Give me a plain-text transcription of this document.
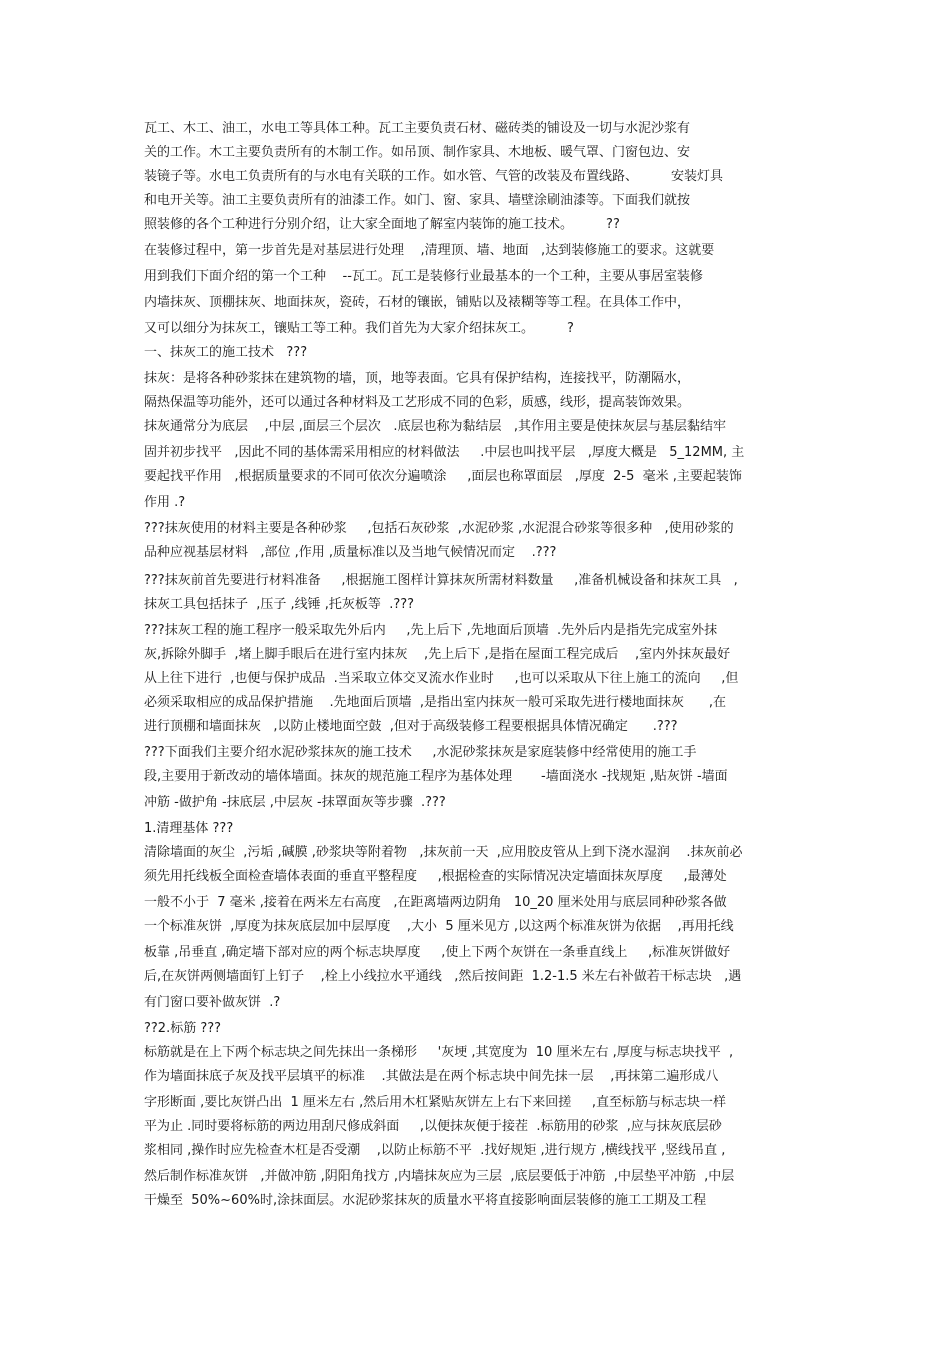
瓦工、木工、油工，水电工等具体工种。瓦工主要负责石材、磁砖类的铺设及一切与水泥沙浆有
关的工作。木工主要负责所有的木制工作。如吊顶、制作家具、木地板、暖气罩、门窗包边、安
装镜子等。水电工负责所有的与水电有关联的工作。如水管、气管的改装及布置线路、        安装灯具
和电开关等。油工主要负责所有的油漆工作。如门、窗、家具、墙壁涂刷油漆等。下面我们就按
照装修的各个工种进行分别介绍，让大家全面地了解室内装饰的施工技术。        ??
在装修过程中，第一步首先是对基层进行处理    ,清理顶、墙、地面   ,达到装修施工的要求。这就要
用到我们下面介绍的第一个工种    --瓦工。瓦工是装修行业最基本的一个工种，主要从事居室装修
内墙抹灰、顶棚抹灰、地面抹灰，瓷砖，石材的镶嵌，铺贴以及裱糊等等工程。在具体工作中，
又可以细分为抹灰工，镶贴工等工种。我们首先为大家介绍抹灰工。        ?
一、抹灰工的施工技术   ???
抹灰：是将各种砂浆抹在建筑物的墙，顶，地等表面。它具有保护结构，连接找平，防潮隔水，
隔热保温等功能外，还可以通过各种材料及工艺形成不同的色彩，质感，线形，提高装饰效果。
抹灰通常分为底层    ,中层 ,面层三个层次   .底层也称为黏结层   ,其作用主要是使抹灰层与基层黏结牢
固并初步找平   ,因此不同的基体需采用相应的材料做法     .中层也叫找平层   ,厚度大概是   5_12MM, 主
要起找平作用   ,根据质量要求的不同可依次分遍喷涂     ,面层也称罩面层   ,厚度  2-5  毫米 ,主要起装饰
作用 .?
???抹灰使用的材料主要是各种砂浆     ,包括石灰砂浆  ,水泥砂浆 ,水泥混合砂浆等很多种   ,使用砂浆的
品种应视基层材料   ,部位 ,作用 ,质量标准以及当地气候情况而定    .???
???抹灰前首先要进行材料准备     ,根据施工图样计算抹灰所需材料数量     ,准备机械设备和抹灰工具   ,
抹灰工具包括抹子  ,压子 ,线锤 ,托灰板等  .???
???抹灰工程的施工程序一般采取先外后内     ,先上后下 ,先地面后顶墙  .先外后内是指先完成室外抹
灰,拆除外脚手  ,堵上脚手眼后在进行室内抹灰    ,先上后下 ,是指在屋面工程完成后    ,室内外抹灰最好
从上往下进行  ,也便与保护成品  .当采取立体交叉流水作业时     ,也可以采取从下往上施工的流向     ,但
必须采取相应的成品保护措施    .先地面后顶墙  ,是指出室内抹灰一般可采取先进行楼地面抹灰      ,在
进行顶棚和墙面抹灰   ,以防止楼地面空鼓  ,但对于高级装修工程要根据具体情况确定      .???
???下面我们主要介绍水泥砂浆抹灰的施工技术     ,水泥砂浆抹灰是家庭装修中经常使用的施工手
段,主要用于新改动的墙体墙面。抹灰的规范施工程序为基体处理       -墙面浇水 -找规矩 ,贴灰饼 -墙面
冲筋 -做护角 -抹底层 ,中层灰 -抹罩面灰等步骤  .???
1.清理基体 ???
清除墙面的灰尘  ,污垢 ,碱膜 ,砂浆块等附着物   ,抹灰前一天  ,应用胶皮管从上到下浇水湿润    .抹灰前必
须先用托线板全面检查墙体表面的垂直平整程度     ,根据检查的实际情况决定墙面抹灰厚度     ,最薄处
一般不小于  7 毫米 ,接着在两米左右高度   ,在距离墙两边阴角   10_20 厘米处用与底层同种砂浆各做
一个标准灰饼  ,厚度为抹灰底层加中层厚度    ,大小  5 厘米见方 ,以这两个标准灰饼为依据    ,再用托线
板靠 ,吊垂直 ,确定墙下部对应的两个标志块厚度     ,使上下两个灰饼在一条垂直线上     ,标准灰饼做好
后,在灰饼两侧墙面钉上钉子    ,栓上小线拉水平通线   ,然后按间距  1.2-1.5 米左右补做若干标志块   ,遇
有门窗口要补做灰饼  .?
??2.标筋 ???
标筋就是在上下两个标志块之间先抹出一条梯形     '灰埂 ,其宽度为  10 厘米左右 ,厚度与标志块找平  ,
作为墙面抹底子灰及找平层填平的标准    .其做法是在两个标志块中间先抹一层    ,再抹第二遍形成八
字形断面 ,要比灰饼凸出  1 厘米左右 ,然后用木杠紧贴灰饼左上右下来回搓     ,直至标筋与标志块一样
平为止 .同时要将标筋的两边用刮尺修成斜面     ,以便抹灰便于接茬  .标筋用的砂浆  ,应与抹灰底层砂
浆相同 ,操作时应先检查木杠是否受潮    ,以防止标筋不平  .找好规矩 ,进行规方 ,横线找平 ,竖线吊直 ,
然后制作标准灰饼   ,并做冲筋 ,阴阳角找方 ,内墙抹灰应为三层  ,底层要低于冲筋  ,中层垫平冲筋  ,中层
干燥至  50%~60%时,涂抹面层。水泥砂浆抹灰的质量水平将直接影响面层装修的施工工期及工程
